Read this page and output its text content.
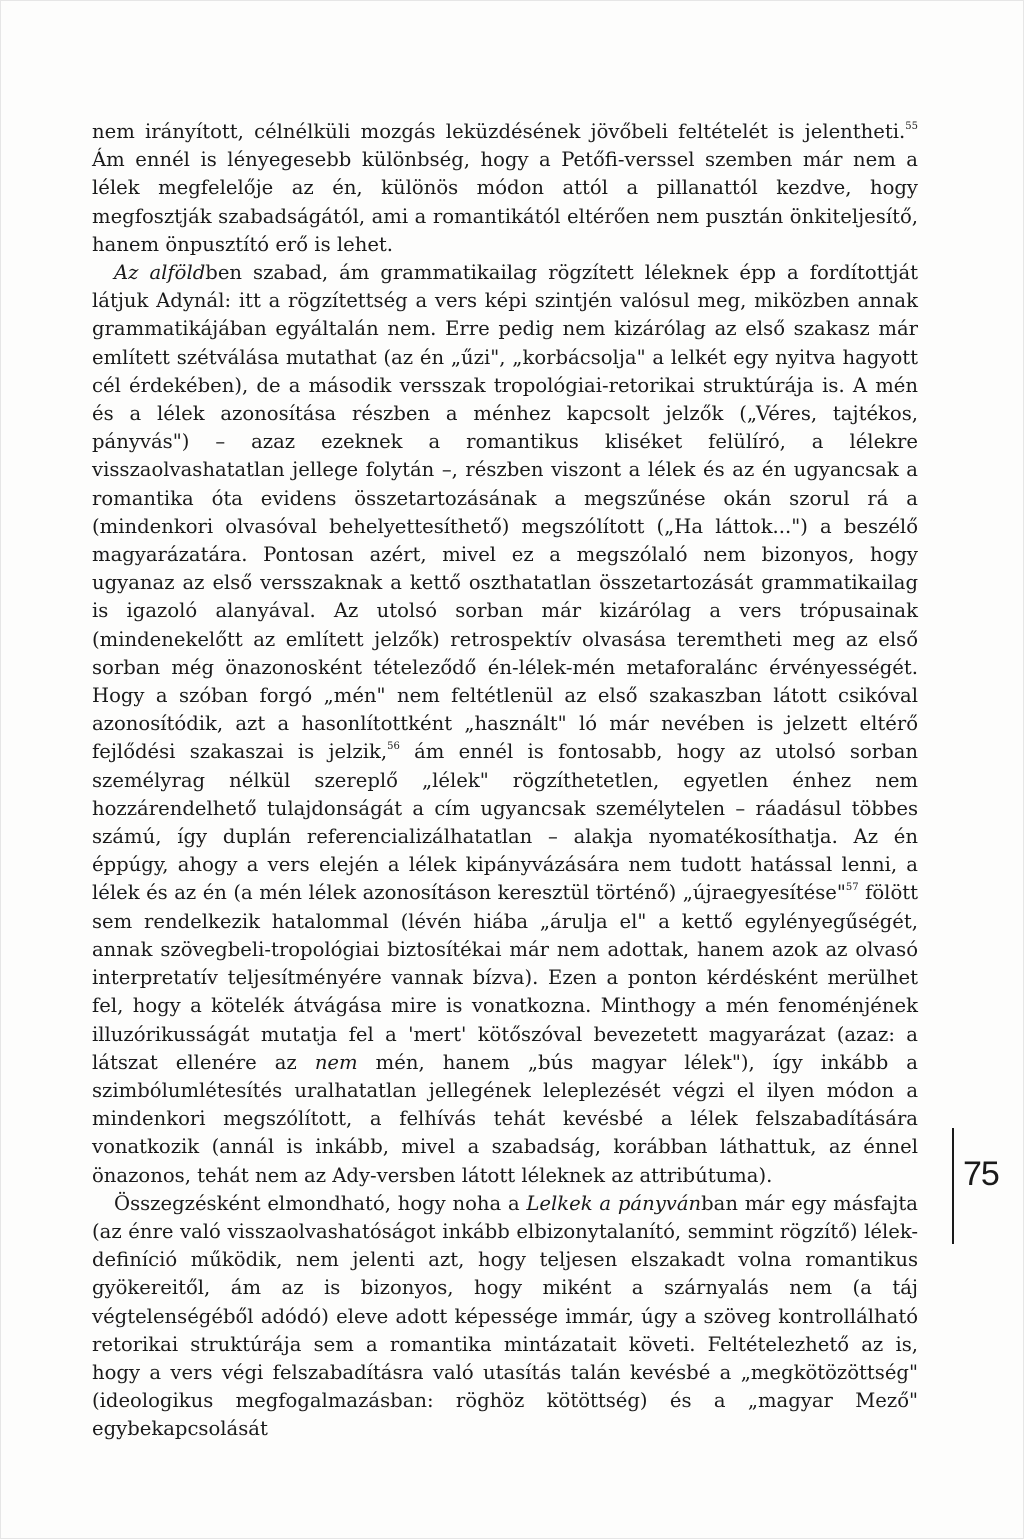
nem irányított, célnélküli mozgás leküzdésének jövőbeli feltételét is jelentheti.$^{55}$ Ám ennél is lényegesebb különbség, hogy a Petőfi-verssel szemben már nem a lélek megfelelője az én, különös módon attól a pillanattól kezdve, hogy megfosztják szabadságától, ami a romantikától eltérően nem pusztán önkiteljesítő, hanem önpusztító erő is lehet.

Az alföldben szabad, ám grammatikailag rögzített léleknek épp a fordítottját látjuk Adynál: itt a rögzítettség a vers képi szintjén valósul meg, miközben annak grammatikájában egyáltalán nem. Erre pedig nem kizárólag az első szakasz már említett szétválása mutathat (az én „űzi", „korbácsolja" a lelkét egy nyitva hagyott cél érdekében), de a második versszak tropológiai-retorikai struktúrája is. A mén és a lélek azonosítása részben a ménhez kapcsolt jelzők („Véres, tajtékos, pányvás") – azaz ezeknek a romantikus kliséket felülíró, a lélekre visszaolvashatatlan jellege folytán –, részben viszont a lélek és az én ugyancsak a romantika óta evidens összetartozásának a megszűnése okán szorul rá a (mindenkori olvasóval behelyettesíthető) megszólított („Ha láttok...") a beszélő magyarázatára. Pontosan azért, mivel ez a megszólaló nem bizonyos, hogy ugyanaz az első versszaknak a kettő oszthatatlan összetartozását grammatikailag is igazoló alanyával. Az utolsó sorban már kizárólag a vers trópusainak (mindenekelőtt az említett jelzők) retrospektív olvasása teremtheti meg az első sorban még önazonosként tételeződő én-lélek-mén metaforalánc érvényességét. Hogy a szóban forgó „mén" nem feltétlenül az első szakaszban látott csikóval azonosítódik, azt a hasonlítottként „használt" ló már nevében is jelzett eltérő fejlődési szakaszai is jelzik,$^{56}$ ám ennél is fontosabb, hogy az utolsó sorban személyrag nélkül szereplő „lélek" rögzíthetetlen, egyetlen énhez nem hozzárendelhető tulajdonságát a cím ugyancsak személytelen – ráadásul többes számú, így duplán referencializálhatatlan – alakja nyomatékosíthatja. Az én éppúgy, ahogy a vers elején a lélek kipányvázására nem tudott hatással lenni, a lélek és az én (a mén lélek azonosításon keresztül történő) „újraegyesítése"$^{57}$ fölött sem rendelkezik hatalommal (lévén hiába „árulja el" a kettő egylényegűségét, annak szövegbeli-tropológiai biztosítékai már nem adottak, hanem azok az olvasó interpretatív teljesítményére vannak bízva). Ezen a ponton kérdésként merülhet fel, hogy a kötelék átvágása mire is vonatkozna. Minthogy a mén fenoménjének illuzórikusságát mutatja fel a 'mert' kötőszóval bevezetett magyarázat (azaz: a látszat ellenére az nem mén, hanem „bús magyar lélek"), így inkább a szimbólumlétesítés uralhatatlan jellegének leleplezését végzi el ilyen módon a mindenkori megszólított, a felhívás tehát kevésbé a lélek felszabadítására vonatkozik (annál is inkább, mivel a szabadság, korábban láthattuk, az énnel önazonos, tehát nem az Ady-versben látott léleknek az attribútuma).

Összegzésként elmondható, hogy noha a Lelkek a pányvánban már egy másfajta (az énre való visszaolvashatóságot inkább elbizonytalanító, semmint rögzítő) lélek-definíció működik, nem jelenti azt, hogy teljesen elszakadt volna romantikus gyökereitől, ám az is bizonyos, hogy miként a szárnyalás nem (a táj végtelenségéből adódó) eleve adott képessége immár, úgy a szöveg kontrollálható retorikai struktúrája sem a romantika mintázatait követi. Feltételezhető az is, hogy a vers végi felszabadításra való utasítás talán kevésbé a „megkötözöttség" (ideologikus megfogalmazásban: röghöz kötöttség) és a „magyar Mező" egybekapcsolását

75
